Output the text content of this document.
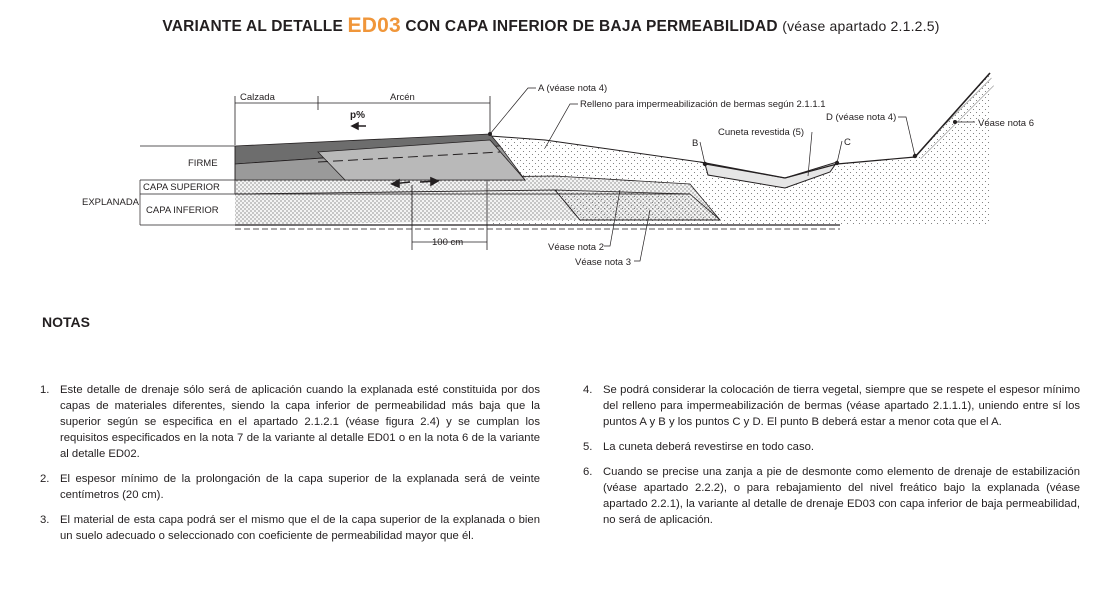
VARIANTE AL DETALLE ED03 CON CAPA INFERIOR DE BAJA PERMEABILIDAD (véase apartado 2.1.2.5)
Calzada	Arcén
p%
FIRME
EXPLANADA
CAPA SUPERIOR
CAPA INFERIOR
100 cm
A (véase nota 4)
Relleno para impermeabilización de bermas según 2.1.1.1
D (véase nota 4)
Véase nota 6
Cuneta revestida (5)
B	C
Véase nota 2
Véase nota 3
NOTAS
1. Este detalle de drenaje sólo será de aplicación cuando la explanada esté constituida por dos capas de materiales diferentes, siendo la capa inferior de permeabilidad más baja que la superior según se especifica en el apartado 2.1.2.1 (véase figura 2.4) y se cumplan los requisitos especificados en la nota 7 de la variante al detalle ED01 o en la nota 6 de la variante al detalle ED02.
2. El espesor mínimo de la prolongación de la capa superior de la explanada será de veinte centímetros (20 cm).
3. El material de esta capa podrá ser el mismo que el de la capa superior de la explanada o bien un suelo adecuado o seleccionado con coeficiente de permeabilidad mayor que él.
4. Se podrá considerar la colocación de tierra vegetal, siempre que se respete el espesor mínimo del relleno para impermeabilización de bermas (véase apartado 2.1.1.1), uniendo entre sí los puntos A y B y los puntos C y D. El punto B deberá estar a menor cota que el A.
5. La cuneta deberá revestirse en todo caso.
6. Cuando se precise una zanja a pie de desmonte como elemento de drenaje de estabilización (véase apartado 2.2.2), o para rebajamiento del nivel freático bajo la explanada (véase apartado 2.2.1), la variante al detalle de drenaje ED03 con capa inferior de baja permeabilidad, no será de aplicación.
